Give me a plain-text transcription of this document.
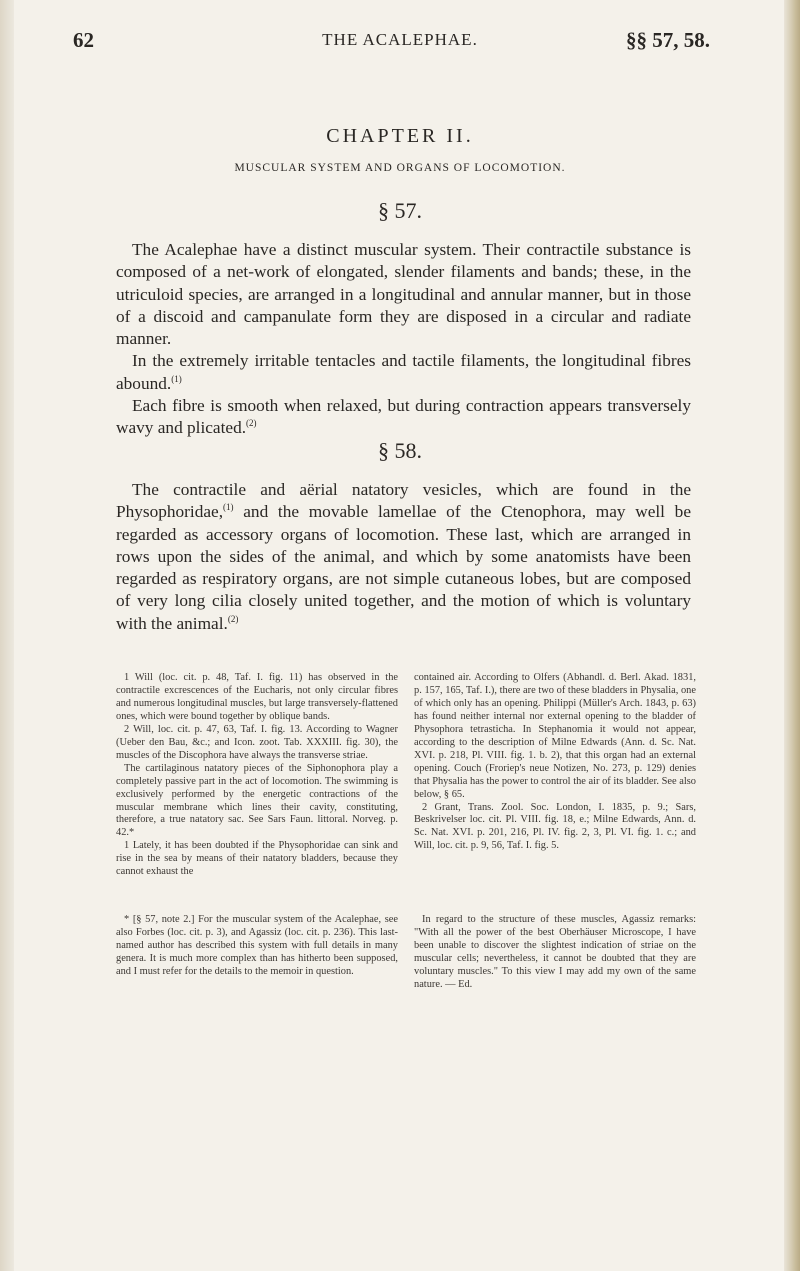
62	THE ACALEPHAE.	§§ 57, 58.
CHAPTER II.
MUSCULAR SYSTEM AND ORGANS OF LOCOMOTION.
§ 57.

The Acalephae have a distinct muscular system. Their contractile substance is composed of a net-work of elongated, slender filaments and bands; these, in the utriculoid species, are arranged in a longitudinal and annular manner, but in those of a discoid and campanulate form they are disposed in a circular and radiate manner.

In the extremely irritable tentacles and tactile filaments, the longitudinal fibres abound.$^{(1)}$

Each fibre is smooth when relaxed, but during contraction appears transversely wavy and plicated.$^{(2)}$

§ 58.

The contractile and aërial natatory vesicles, which are found in the Physophoridae,$^{(1)}$ and the movable lamellae of the Ctenophora, may well be regarded as accessory organs of locomotion. These last, which are arranged in rows upon the sides of the animal, and which by some anatomists have been regarded as respiratory organs, are not simple cutaneous lobes, but are composed of very long cilia closely united together, and the motion of which is voluntary with the animal.$^{(2)}$

1 Will (loc. cit. p. 48, Taf. I. fig. 11) has observed in the contractile excrescences of the Eucharis, not only circular fibres and numerous longitudinal muscles, but large transversely-flattened ones, which were bound together by oblique bands.

2 Will, loc. cit. p. 47, 63, Taf. I. fig. 13. According to Wagner (Ueber den Bau, &c.; and Icon. zoot. Tab. XXXIII. fig. 30), the muscles of the Discophora have always the transverse striae.

The cartilaginous natatory pieces of the Siphonophora play a completely passive part in the act of locomotion. The swimming is exclusively performed by the energetic contractions of the muscular membrane which lines their cavity, constituting, therefore, a true natatory sac. See Sars Faun. littoral. Norveg. p. 42.*

1 Lately, it has been doubted if the Physophoridae can sink and rise in the sea by means of their natatory bladders, because they cannot exhaust the

contained air. According to Olfers (Abhandl. d. Berl. Akad. 1831, p. 157, 165, Taf. I.), there are two of these bladders in Physalia, one of which only has an opening. Philippi (Müller's Arch. 1843, p. 63) has found neither internal nor external opening to the bladder of Physophora tetrasticha. In Stephanomia it would not appear, according to the description of Milne Edwards (Ann. d. Sc. Nat. XVI. p. 218, Pl. VIII. fig. 1. b. 2), that this organ had an external opening. Couch (Froriep's neue Notizen, No. 273, p. 129) denies that Physalia has the power to control the air of its bladder. See also below, § 65.

2 Grant, Trans. Zool. Soc. London, I. 1835, p. 9.; Sars, Beskrivelser loc. cit. Pl. VIII. fig. 18, e.; Milne Edwards, Ann. d. Sc. Nat. XVI. p. 201, 216, Pl. IV. fig. 2, 3, Pl. VI. fig. 1. c.; and Will, loc. cit. p. 9, 56, Taf. I. fig. 5.

* [§ 57, note 2.] For the muscular system of the Acalephae, see also Forbes (loc. cit. p. 3), and Agassiz (loc. cit. p. 236). This last-named author has described this system with full details in many genera. It is much more complex than has hitherto been supposed, and I must refer for the details to the memoir in question.

In regard to the structure of these muscles, Agassiz remarks: "With all the power of the best Oberhäuser Microscope, I have been unable to discover the slightest indication of striae on the muscular cells; nevertheless, it cannot be doubted that they are voluntary muscles." To this view I may add my own of the same nature. — Ed.
